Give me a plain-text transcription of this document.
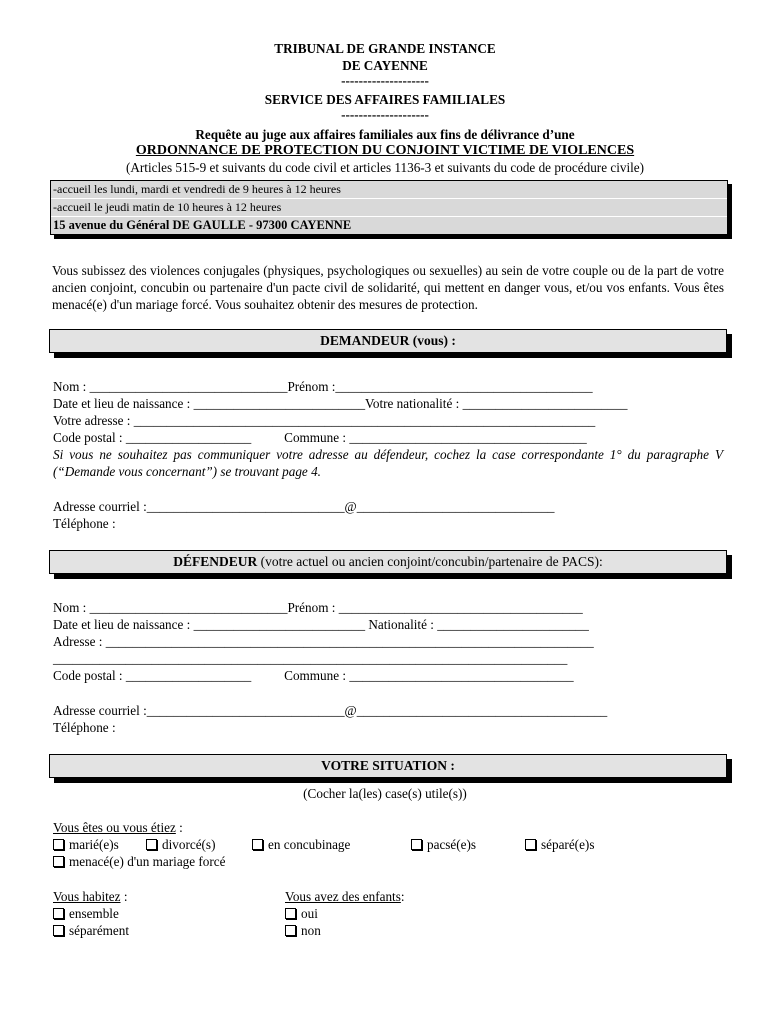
TRIBUNAL DE GRANDE INSTANCE
DE CAYENNE
--------------------
SERVICE DES AFFAIRES FAMILIALES
--------------------
Requête au juge aux affaires familiales aux fins de délivrance d’une
ORDONNANCE DE PROTECTION DU CONJOINT VICTIME DE VIOLENCES
(Articles 515-9 et suivants du code civil et articles 1136-3 et suivants du code de procédure civile)
-accueil les lundi, mardi et vendredi de 9 heures à 12 heures
-accueil le jeudi matin de 10 heures à 12 heures
15 avenue du Général DE GAULLE - 97300 CAYENNE
Vous subissez des violences conjugales (physiques, psychologiques ou sexuelles) au sein de votre couple ou de la part de votre ancien conjoint, concubin ou partenaire d'un pacte civil de solidarité, qui mettent en danger vous, et/ou vos enfants. Vous êtes menacé(e) d'un mariage forcé. Vous souhaitez obtenir des mesures de protection.
DEMANDEUR (vous) :
Nom : ______________________________Prénom :_______________________________________
Date et lieu de naissance : __________________________Votre nationalité : _________________________
Votre adresse : ______________________________________________________________________
Code postal : ___________________          Commune : ____________________________________
Si vous ne souhaitez pas communiquer votre adresse au défendeur, cochez la case correspondante 1° du paragraphe V (“Demande vous concernant”) se trouvant page 4.
Adresse courriel :______________________________@______________________________
Téléphone :
DÉFENDEUR (votre actuel ou ancien conjoint/concubin/partenaire de PACS):
Nom : ______________________________Prénom : _____________________________________
Date et lieu de naissance : __________________________ Nationalité : _______________________
Adresse : __________________________________________________________________________
______________________________________________________________________________
Code postal : ___________________          Commune : __________________________________
Adresse courriel :______________________________@______________________________________
Téléphone :
VOTRE SITUATION :
(Cocher la(les) case(s) utile(s))
Vous êtes ou vous étiez :
marié(e)s	divorcé(s)	en concubinage	pacsé(e)s	séparé(e)s
menacé(e) d'un mariage forcé
Vous habitez :	Vous avez des enfants:
ensemble
séparément
oui
non
